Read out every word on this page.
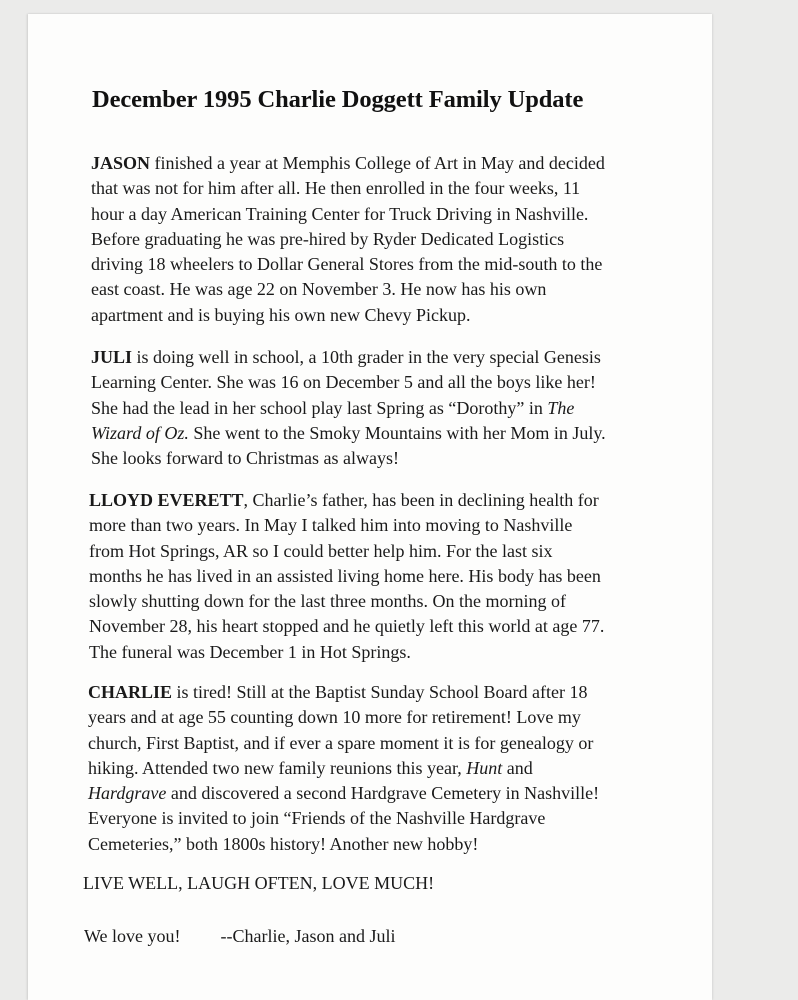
December 1995 Charlie Doggett Family Update

JASON finished a year at Memphis College of Art in May and decided
that was not for him after all. He then enrolled in the four weeks, 11
hour a day American Training Center for Truck Driving in Nashville.
Before graduating he was pre-hired by Ryder Dedicated Logistics
driving 18 wheelers to Dollar General Stores from the mid-south to the
east coast. He was age 22 on November 3. He now has his own
apartment and is buying his own new Chevy Pickup.

JULI is doing well in school, a 10th grader in the very special Genesis
Learning Center. She was 16 on December 5 and all the boys like her!
She had the lead in her school play last Spring as “Dorothy” in The
Wizard of Oz. She went to the Smoky Mountains with her Mom in July.
She looks forward to Christmas as always!

LLOYD EVERETT, Charlie’s father, has been in declining health for
more than two years. In May I talked him into moving to Nashville
from Hot Springs, AR so I could better help him. For the last six
months he has lived in an assisted living home here. His body has been
slowly shutting down for the last three months. On the morning of
November 28, his heart stopped and he quietly left this world at age 77.
The funeral was December 1 in Hot Springs.

CHARLIE is tired! Still at the Baptist Sunday School Board after 18
years and at age 55 counting down 10 more for retirement! Love my
church, First Baptist, and if ever a spare moment it is for genealogy or
hiking. Attended two new family reunions this year, Hunt and
Hardgrave and discovered a second Hardgrave Cemetery in Nashville!
Everyone is invited to join “Friends of the Nashville Hardgrave
Cemeteries,” both 1800s history! Another new hobby!

LIVE WELL, LAUGH OFTEN, LOVE MUCH!

We love you! --Charlie, Jason and Juli
